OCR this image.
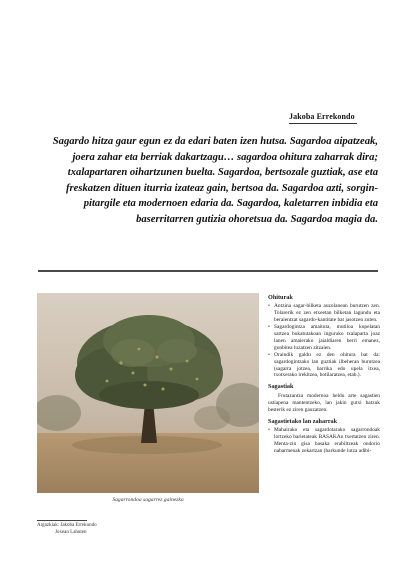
Jakoba Errekondo

Sagardo hitza gaur egun ez da edari baten izen hutsa. Sagardoa aipatzeak, joera zahar eta berriak dakartzagu… sagardoa ohitura zaharrak dira; txalapartaren oihartzunen buelta. Sagardoa, bertsozale guztiak, ase eta freskatzen dituen iturria izateaz gain, bertsoa da. Sagardoa azti, sorgin-pitargile eta modernoen edaria da. Sagardoa, kaletarren inbidia eta baserritarren gutizia ohoretsua da. Sagardoa magia da.

Sagarrondoa sagarrez gainezka
Argazkiak: Jakoba Errekondo
Joxean Lahuten
Ohiturak
• Antzina sagar-bilketa auzolanean burutzen zen. Tolarerik ez zen etxeetan bilketan lagundu eta beraientzat sagardo-kantitate bat jasotzen zuten.
• Sagardogintza amaituta, mutiloa kupelatan sartzea bukatutakoan inguruko txalaparta joaz lanen amaierako jaialdiaren berri emanez, gonbitea luzatzen zitzaien.
• Oraindik galdu ez den ohitura bat da: sagardogintzako lan guztiak ilbeheran burutzea (sagarra jotzea, barrika edo upela itxea, txotxerako irekitzea, botilaratzea, etab.).
Sagastiak

Frutazantza modernoa heldu arte sagastien ustiapena mantentzeko, lan jakin gutxi batzuk besterik ez ziren gauzatzen.

Sagastietako lan zaharrak
• Mahairako eta sagardotarako sagarrondoak lortzeko barietateak BASAKAn txertatzen ziren. Menta-zin gisa basaka erabiltzeak ondorio nabarmenak zekartzan (barkunde lutza adibi-
